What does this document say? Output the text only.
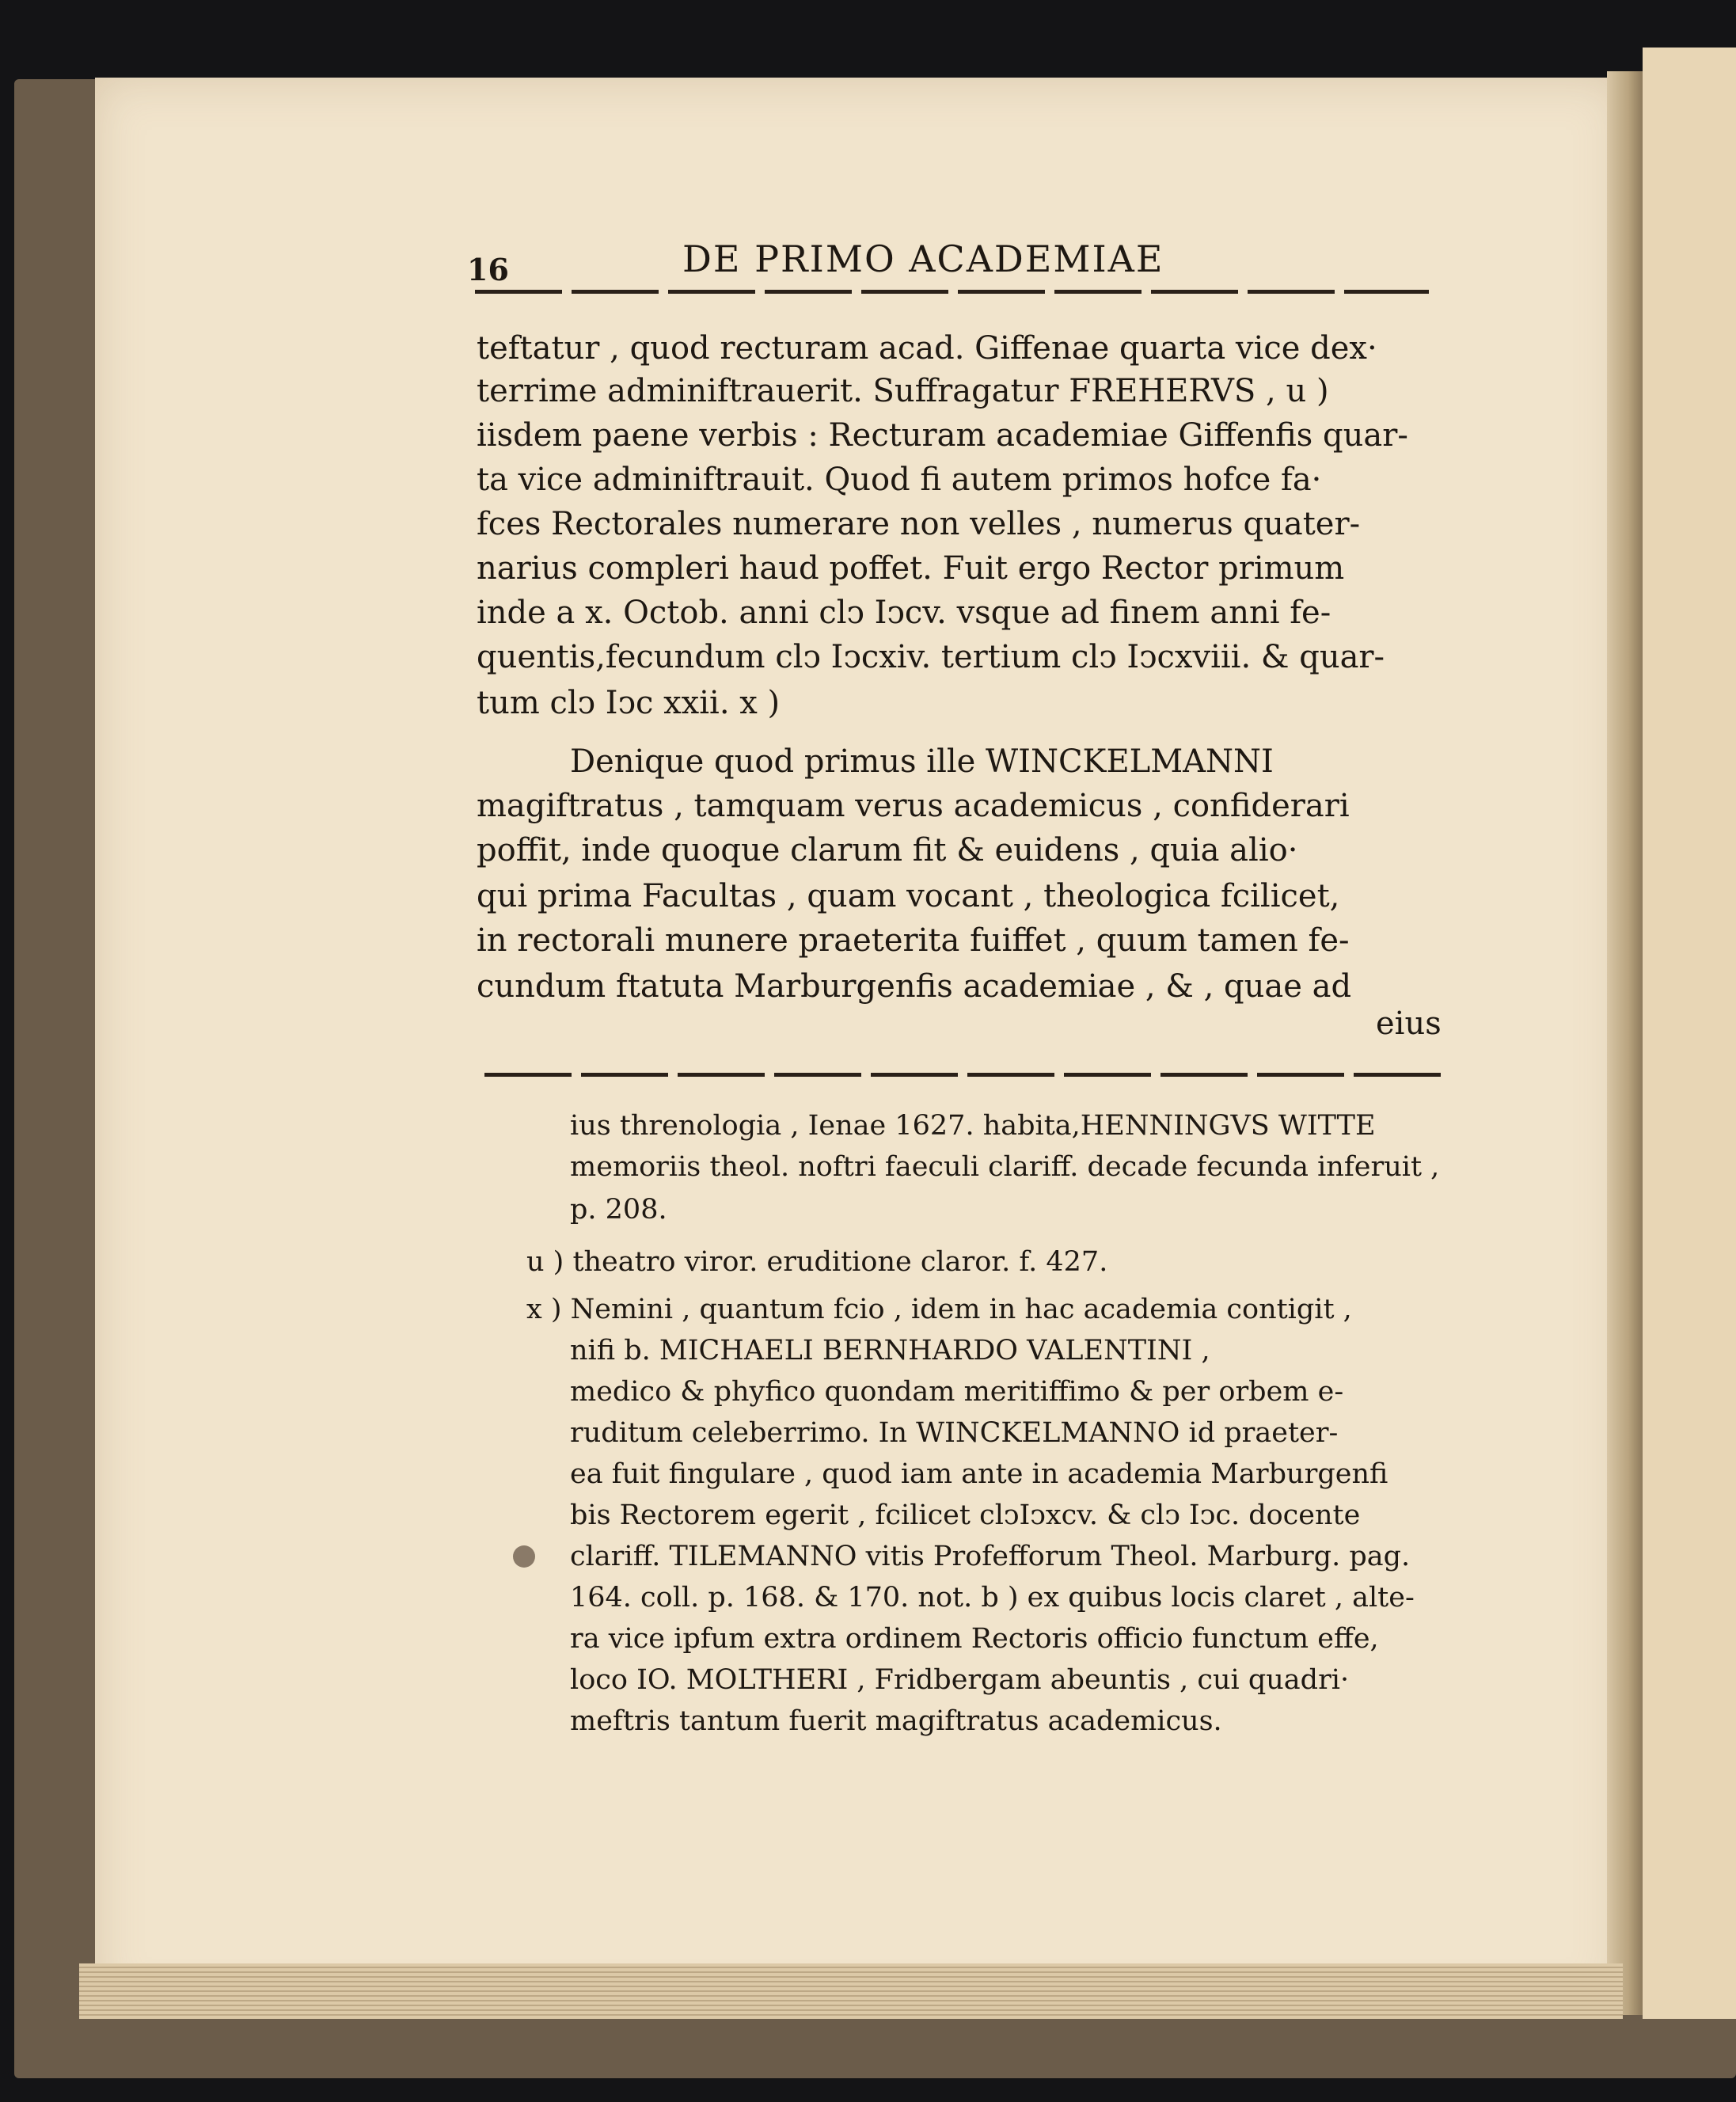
16	DE PRIMO ACADEMIAE
teftatur , quod recturam acad. Giffenae quarta vice dex·
terrime adminiftrauerit. Suffragatur FREHERVS , u )
iisdem paene verbis : Recturam academiae Giffenfis quar-
ta vice adminiftrauit. Quod fi autem primos hofce fa·
fces Rectorales numerare non velles , numerus quater-
narius compleri haud poffet. Fuit ergo Rector primum
inde a x. Octob. anni clↄ Iↄcv. vsque ad finem anni fe-
quentis,fecundum clↄ Iↄcxiv. tertium clↄ Iↄcxviii. & quar-
tum clↄ Iↄc xxii. x )
Denique quod primus ille WINCKELMANNI
magiftratus , tamquam verus academicus , confiderari
poffit, inde quoque clarum fit & euidens , quia alio·
qui prima Facultas , quam vocant , theologica fcilicet,
in rectorali munere praeterita fuiffet , quum tamen fe-
cundum ftatuta Marburgenfis academiae , & , quae ad
eius
ius threnologia , Ienae 1627. habita,HENNINGVS WITTE
memoriis theol. noftri faeculi clariff. decade fecunda inferuit ,
p. 208.
u ) theatro viror. eruditione claror. f. 427.
x ) Nemini , quantum fcio , idem in hac academia contigit ,
nifi b. MICHAELI BERNHARDO VALENTINI ,
medico & phyfico quondam meritiffimo & per orbem e-
ruditum celeberrimo. In WINCKELMANNO id praeter-
ea fuit fingulare , quod iam ante in academia Marburgenfi
bis Rectorem egerit , fcilicet clↄIↄxcv. & clↄ Iↄc. docente
clariff. TILEMANNO vitis Profefforum Theol. Marburg. pag.
164. coll. p. 168. & 170. not. b ) ex quibus locis claret , alte-
ra vice ipfum extra ordinem Rectoris officio functum effe,
loco IO. MOLTHERI , Fridbergam abeuntis , cui quadri·
meftris tantum fuerit magiftratus academicus.
